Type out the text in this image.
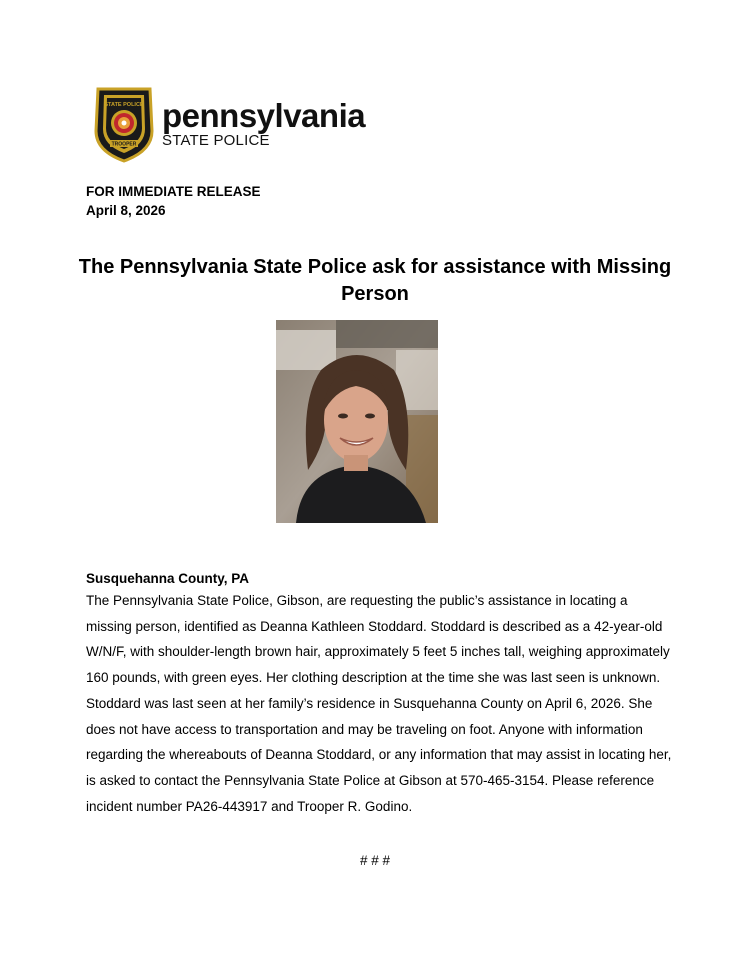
STATE POLICE
TROOPER
pennsylvania
STATE POLICE
FOR IMMEDIATE RELEASE
April 8, 2026
The Pennsylvania State Police ask for assistance with Missing Person
Susquehanna County, PA

The Pennsylvania State Police, Gibson, are requesting the public’s assistance in locating a missing person, identified as Deanna Kathleen Stoddard. Stoddard is described as a 42-year-old W/N/F, with shoulder-length brown hair, approximately 5 feet 5 inches tall, weighing approximately 160 pounds, with green eyes. Her clothing description at the time she was last seen is unknown. Stoddard was last seen at her family’s residence in Susquehanna County on April 6, 2026. She does not have access to transportation and may be traveling on foot. Anyone with information regarding the whereabouts of Deanna Stoddard, or any information that may assist in locating her, is asked to contact the Pennsylvania State Police at Gibson at 570-465-3154. Please reference incident number PA26-443917 and Trooper R. Godino.

# # #
